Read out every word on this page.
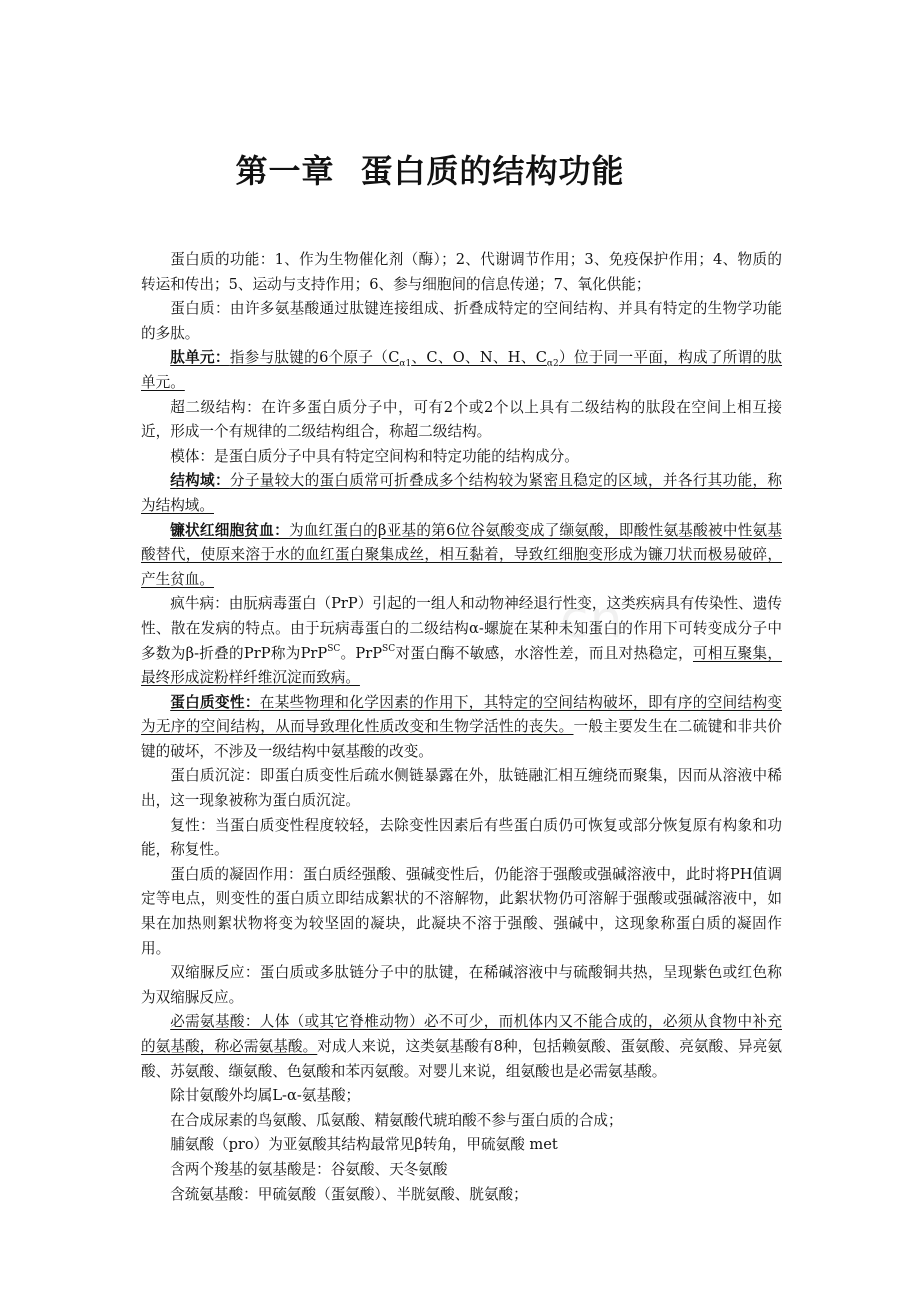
第一章 蛋白质的结构功能
cn

蛋白质的功能：1、作为生物催化剂（酶）；2、代谢调节作用；3、免疫保护作用；4、物质的转运和传出；5、运动与支持作用；6、参与细胞间的信息传递；7、氧化供能；

蛋白质：由许多氨基酸通过肽键连接组成、折叠成特定的空间结构、并具有特定的生物学功能的多肽。

肽单元：指参与肽键的6个原子（$C_{\alpha 1}$、C、O、N、H、$C_{\alpha 2}$）位于同一平面，构成了所谓的肽单元。

超二级结构：在许多蛋白质分子中，可有2个或2个以上具有二级结构的肽段在空间上相互接近，形成一个有规律的二级结构组合，称超二级结构。

模体：是蛋白质分子中具有特定空间构和特定功能的结构成分。

结构域：分子量较大的蛋白质常可折叠成多个结构较为紧密且稳定的区域，并各行其功能，称为结构域。

镰状红细胞贫血：为血红蛋白的β亚基的第6位谷氨酸变成了缬氨酸，即酸性氨基酸被中性氨基酸替代，使原来溶于水的血红蛋白聚集成丝，相互黏着，导致红细胞变形成为镰刀状而极易破碎，产生贫血。

疯牛病：由朊病毒蛋白（PrP）引起的一组人和动物神经退行性变，这类疾病具有传染性、遗传性、散在发病的特点。由于玩病毒蛋白的二级结构α-螺旋在某种未知蛋白的作用下可转变成分子中多数为β-折叠的PrP称为PrP$^{SC}$。PrP$^{SC}$对蛋白酶不敏感，水溶性差，而且对热稳定，可相互聚集，最终形成淀粉样纤维沉淀而致病。

蛋白质变性：在某些物理和化学因素的作用下，其特定的空间结构破坏，即有序的空间结构变为无序的空间结构，从而导致理化性质改变和生物学活性的丧失。一般主要发生在二硫键和非共价键的破坏，不涉及一级结构中氨基酸的改变。

蛋白质沉淀：即蛋白质变性后疏水侧链暴露在外，肽链融汇相互缠绕而聚集，因而从溶液中稀出，这一现象被称为蛋白质沉淀。

复性：当蛋白质变性程度较轻，去除变性因素后有些蛋白质仍可恢复或部分恢复原有构象和功能，称复性。

蛋白质的凝固作用：蛋白质经强酸、强碱变性后，仍能溶于强酸或强碱溶液中，此时将PH值调定等电点，则变性的蛋白质立即结成絮状的不溶解物，此絮状物仍可溶解于强酸或强碱溶液中，如果在加热则絮状物将变为较坚固的凝块，此凝块不溶于强酸、强碱中，这现象称蛋白质的凝固作用。

双缩脲反应：蛋白质或多肽链分子中的肽键，在稀碱溶液中与硫酸铜共热，呈现紫色或红色称为双缩脲反应。

必需氨基酸：人体（或其它脊椎动物）必不可少，而机体内又不能合成的，必须从食物中补充的氨基酸，称必需氨基酸。对成人来说，这类氨基酸有8种，包括赖氨酸、蛋氨酸、亮氨酸、异亮氨酸、苏氨酸、缬氨酸、色氨酸和苯丙氨酸。对婴儿来说，组氨酸也是必需氨基酸。

除甘氨酸外均属L-α-氨基酸；

在合成尿素的鸟氨酸、瓜氨酸、精氨酸代琥珀酸不参与蛋白质的合成；

脯氨酸（pro）为亚氨酸其结构最常见β转角，甲硫氨酸 met

含两个羧基的氨基酸是：谷氨酸、天冬氨酸

含巯氨基酸：甲硫氨酸（蛋氨酸）、半胱氨酸、胱氨酸；
